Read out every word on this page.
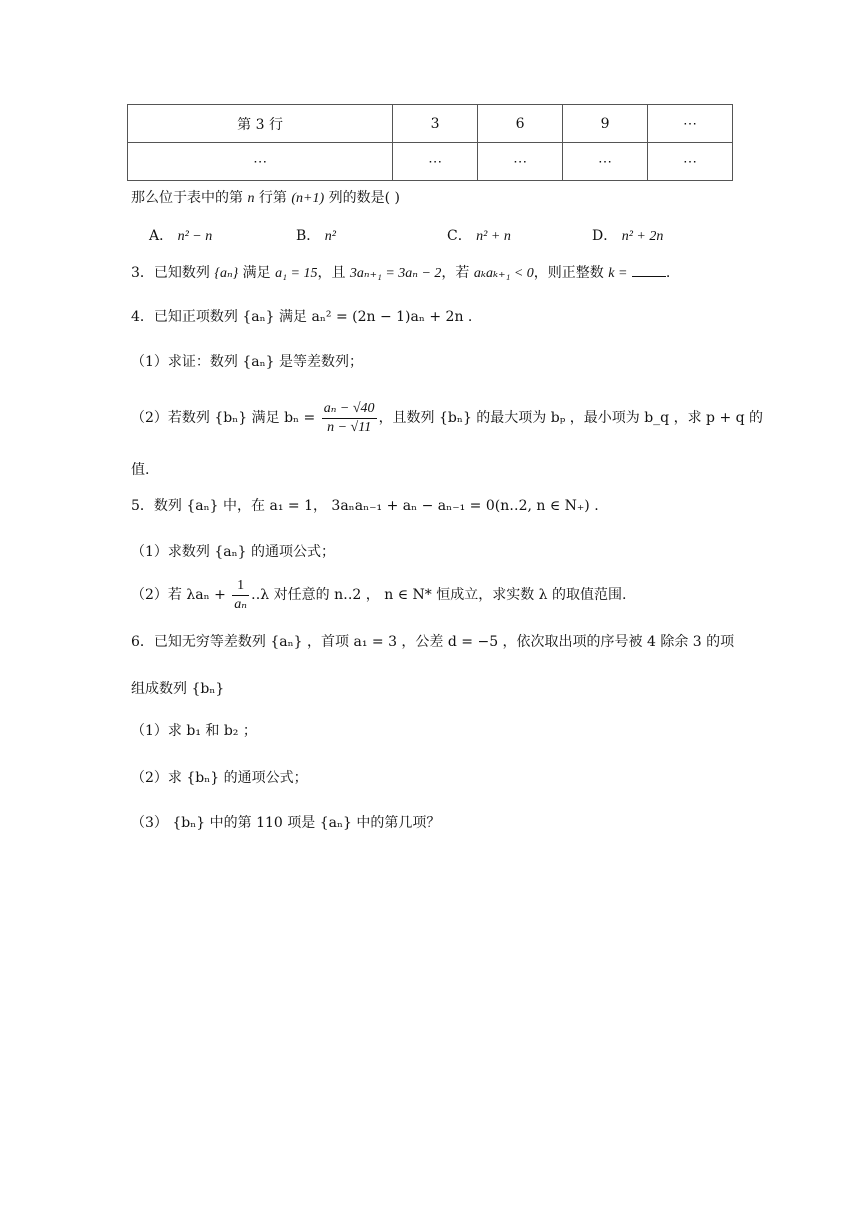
第 3 行	3	6	9	⋯
⋯	⋯	⋯	⋯	⋯
那么位于表中的第 n 行第 (n+1) 列的数是( )
A． n² − n	B． n²	C． n² + n	D． n² + 2n
3．已知数列 {aₙ} 满足 a₁ = 15，且 3aₙ₊₁ = 3aₙ − 2，若 aₖaₖ₊₁ < 0，则正整数 k =	.
4．已知正项数列 {aₙ} 满足 aₙ² = (2n − 1)aₙ + 2n .
（1）求证：数列 {aₙ} 是等差数列；
（2）若数列 {bₙ} 满足 $b_n = \frac{\text{aₙ − √40}}{n - √11}$ ，且数列 {bₙ} 的最大项为 bₚ ，最小项为 b_q ，求 p + q 的
值.
5．数列 {aₙ} 中，在 a₁ = 1， 3aₙaₙ₋₁ + aₙ − aₙ₋₁ = 0(n‥2, n ∈ N₊) .
（1）求数列 {aₙ} 的通项公式；
（2）若 $\lambda a_n + \frac{1}{\text{aₙ}}$ ‥λ 对任意的 n‥2 ， n ∈ N* 恒成立，求实数 λ 的取值范围.
6．已知无穷等差数列 {aₙ} ，首项 a₁ = 3 ，公差 d = −5 ，依次取出项的序号被 4 除余 3 的项
组成数列 {bₙ}
（1）求 b₁ 和 b₂ ；
（2）求 {bₙ} 的通项公式；
（3） {bₙ} 中的第 110 项是 {aₙ} 中的第几项？
